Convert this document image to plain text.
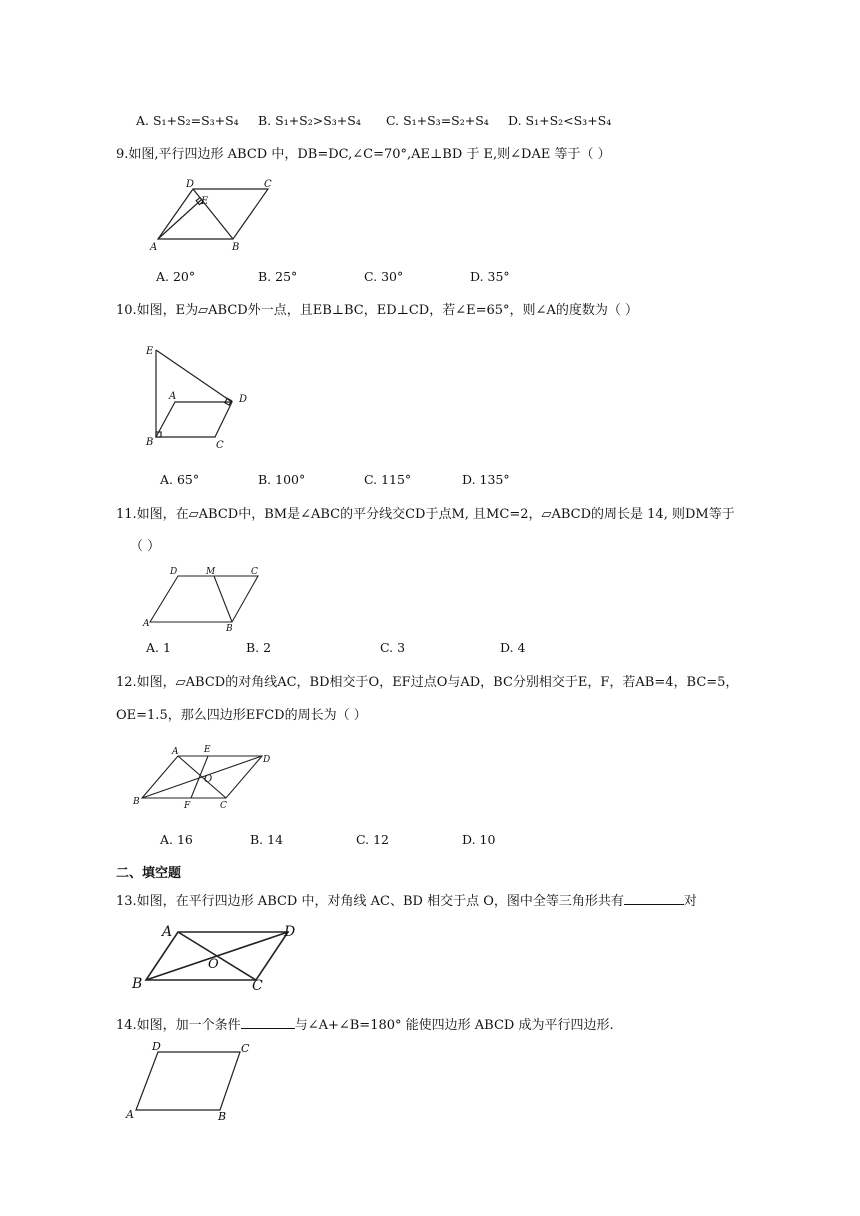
A. S₁+S₂=S₃+S₄ B. S₁+S₂>S₃+S₄ C. S₁+S₃=S₂+S₄ D. S₁+S₂<S₃+S₄
9.如图,平行四边形 ABCD 中，DB=DC,∠C=70°,AE⊥BD 于 E,则∠DAE 等于（ ）
A	B
C
D
E
A. 20°	B. 25°	C. 30°	D. 35°
10.如图，E为▱ABCD外一点，且EB⊥BC，ED⊥CD，若∠E=65°，则∠A的度数为（ ）
E
A	D
B	C
A. 65°	B. 100°	C. 115°	D. 135°
11.如图，在▱ABCD中，BM是∠ABC的平分线交CD于点M, 且MC=2，▱ABCD的周长是 14, 则DM等于
（ ）
D	M	C
A	B
A. 1	B. 2	C. 3	D. 4
12.如图，▱ABCD的对角线AC，BD相交于O，EF过点O与AD，BC分别相交于E，F，若AB=4，BC=5，
OE=1.5，那么四边形EFCD的周长为（ ）
A	E
D
O
B	F	C
A. 16	B. 14	C. 12	D. 10
二、填空题
13.如图，在平行四边形 ABCD 中，对角线 AC、BD 相交于点 O，图中全等三角形共有	对
A	D
O
B	C
14.如图，加一个条件	与∠A+∠B=180° 能使四边形 ABCD 成为平行四边形.
D	C
A	B
